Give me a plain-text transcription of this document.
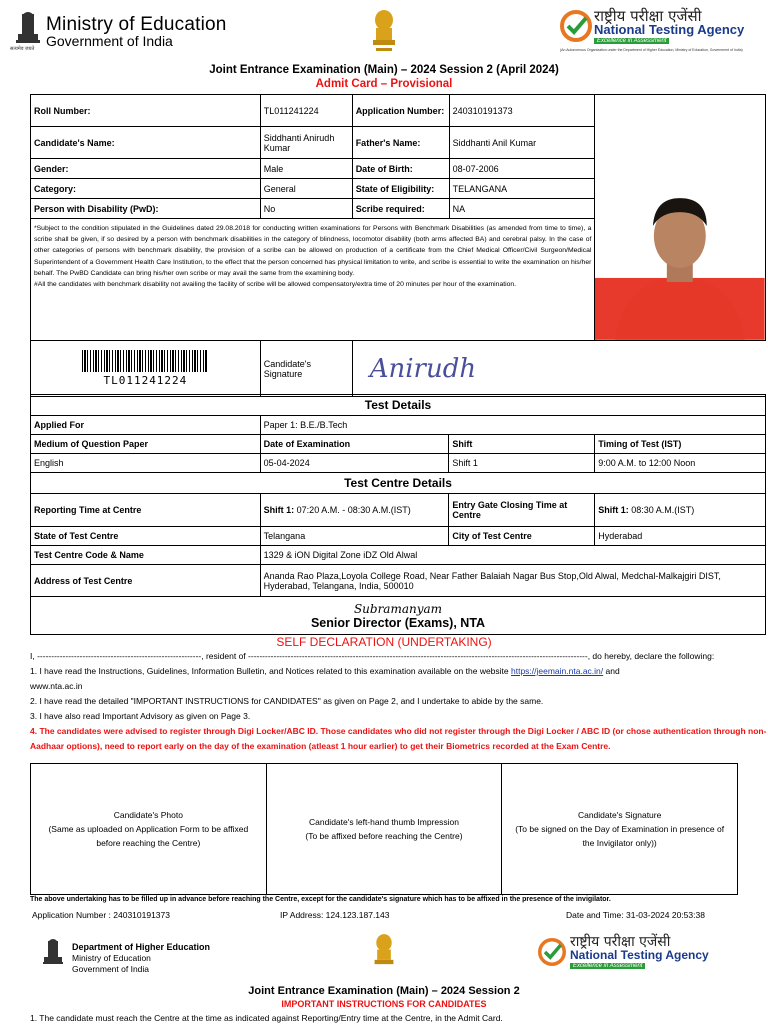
Ministry of Education
Government of India
सत्यमेव जयते
राष्ट्रीय परीक्षा एजेंसी
National Testing Agency
Excellence in Assessment
(An Autonomous Organization under the Department of Higher Education, Ministry of Education, Government of India)
Joint Entrance Examination (Main) – 2024 Session 2 (April 2024)
Admit Card – Provisional
Roll Number:	TL011241224	Application Number:	240310191373	

Candidate's Name:	Siddhanti Anirudh Kumar	Father's Name:	Siddhanti Anil Kumar	
Gender:	Male	Date of Birth:	08-07-2006	
Category:	General	State of Eligibility:	TELANGANA	
Person with Disability (PwD):	No	Scribe required:	NA	

*Subject to the condition stipulated in the Guidelines dated 29.08.2018 for conducting written examinations for Persons with Benchmark Disabilities (as amended from time to time), a scribe shall be given, if so desired by a person with benchmark disabilities in the category of blindness, locomotor disability (both arms affected BA) and cerebral palsy. In the case of other categories of persons with benchmark disability, the provision of a scribe can be allowed on production of a certificate from the Chief Medical Officer/Civil Surgeon/Medical Superintendent of a Government Health Care Institution, to the effect that the person concerned has physical limitation to write, and scribe is essential to write the examination on his/her behalf. The PwBD Candidate can bring his/her own scribe or may avail the same from the examining body.
#All the candidates with benchmark disability not availing the facility of scribe will be allowed compensatory/extra time of 20 minutes per hour of the examination.				

TL011241224	Candidate's Signature	Anirudh		
Test Details			
Applied For	Paper 1: B.E./B.Tech		
Medium of Question Paper	Date of Examination	Shift	Timing of Test (IST)
English	05-04-2024	Shift 1	9:00 A.M. to 12:00 Noon
Test Centre Details			
Reporting Time at Centre	Shift 1: 07:20 A.M. - 08:30 A.M.(IST)	Entry Gate Closing Time at Centre	Shift 1: 08:30 A.M.(IST)
State of Test Centre	Telangana	City of Test Centre	Hyderabad
Test Centre Code & Name	1329 & iON Digital Zone iDZ Old Alwal		
Address of Test Centre	Ananda Rao Plaza,Loyola College Road, Near Father Balaiah Nagar Bus Stop,Old Alwal, Medchal-Malkajgiri DIST, Hyderabad, Telangana, India, 500010		

Subramanyam
Senior Director (Exams), NTA			
SELF DECLARATION (UNDERTAKING)
I, ----------------------------------------------------------, resident of ------------------------------------------------------------------------------------------------------------------------, do hereby, declare the following:
1. I have read the Instructions, Guidelines, Information Bulletin, and Notices related to this examination available on the website https://jeemain.nta.ac.in/ and
www.nta.ac.in
2. I have read the detailed "IMPORTANT INSTRUCTIONS for CANDIDATES" as given on Page 2, and I undertake to abide by the same.
3. I have also read Important Advisory as given on Page 3.
4. The candidates were advised to register through Digi Locker/ABC ID. Those candidates who did not register through the Digi Locker / ABC ID (or chose authentication through non-Aadhaar options), need to report early on the day of the examination (atleast 1 hour earlier) to get their Biometrics recorded at the Exam Centre.
Candidate's Photo
(Same as uploaded on Application Form to be affixed before reaching the Centre)

Candidate's left-hand thumb Impression
(To be affixed before reaching the Centre)

Candidate's Signature
(To be signed on the Day of Examination in presence of the Invigilator only))
The above undertaking has to be filled up in advance before reaching the Centre, except for the candidate's signature which has to be affixed in the presence of the invigilator.
Application Number : 240310191373	IP Address: 124.123.187.143	Date and Time: 31-03-2024 20:53:38
Department of Higher Education
Ministry of Education
Government of India
राष्ट्रीय परीक्षा एजेंसी
National Testing Agency
Excellence in Assessment
Joint Entrance Examination (Main) – 2024 Session 2
IMPORTANT INSTRUCTIONS FOR CANDIDATES
1. The candidate must reach the Centre at the time as indicated against Reporting/Entry time at the Centre, in the Admit Card.
